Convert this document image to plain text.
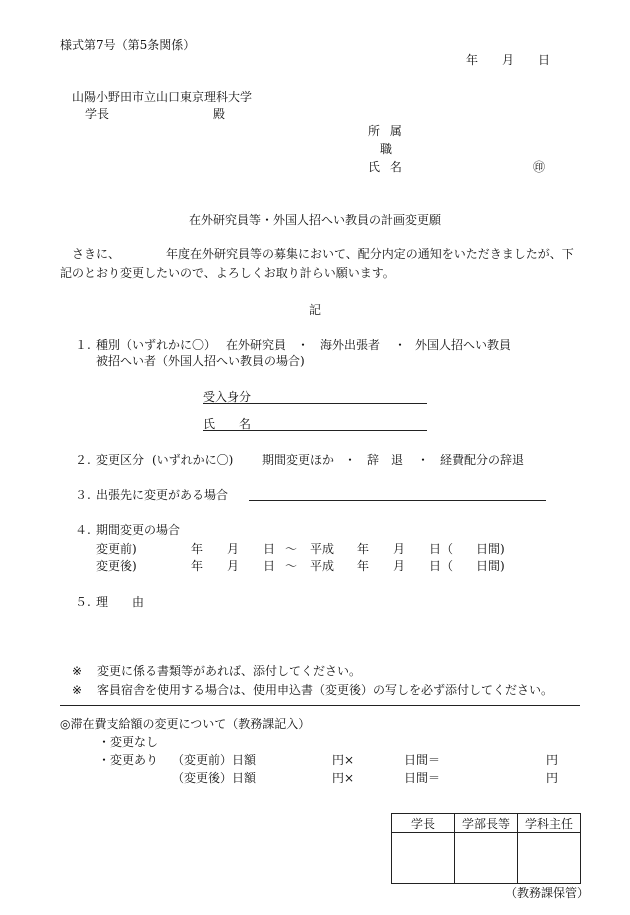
様式第7号（第5条関係）
年 月 日
山陽小野田市立山口東京理科大学
学長	殿
所 属
職
氏 名	㊞
在外研究員等・外国人招へい教員の計画変更願
さきに、	年度在外研究員等の募集において、配分内定の通知をいただきましたが、下
記のとおり変更したいので、よろしくお取り計らい願います。
記
１. 種別（いずれかに〇） 在外研究員 ・ 海外出張者 ・ 外国人招へい教員
被招へい者（外国人招へい教員の場合)
受入身分
氏　　名
２. 変更区分 (いずれかに〇) 期間変更ほか ・ 辞　退 ・ 経費配分の辞退
３. 出張先に変更がある場合
４. 期間変更の場合
変更前)	年 月 日 〜 平成 年 月 日（ 日間)
変更後)	年 月 日 〜 平成 年 月 日（ 日間)
５. 理　　由
※ 変更に係る書類等があれば、添付してください。
※ 客員宿舎を使用する場合は、使用申込書（変更後）の写しを必ず添付してください。
◎滞在費支給額の変更について（教務課記入）
・変更なし
・変更あり （変更前）日額	円×	日間＝	円
（変更後）日額	円×	日間＝	円
学長	学部長等	学科主任

（教務課保管）
